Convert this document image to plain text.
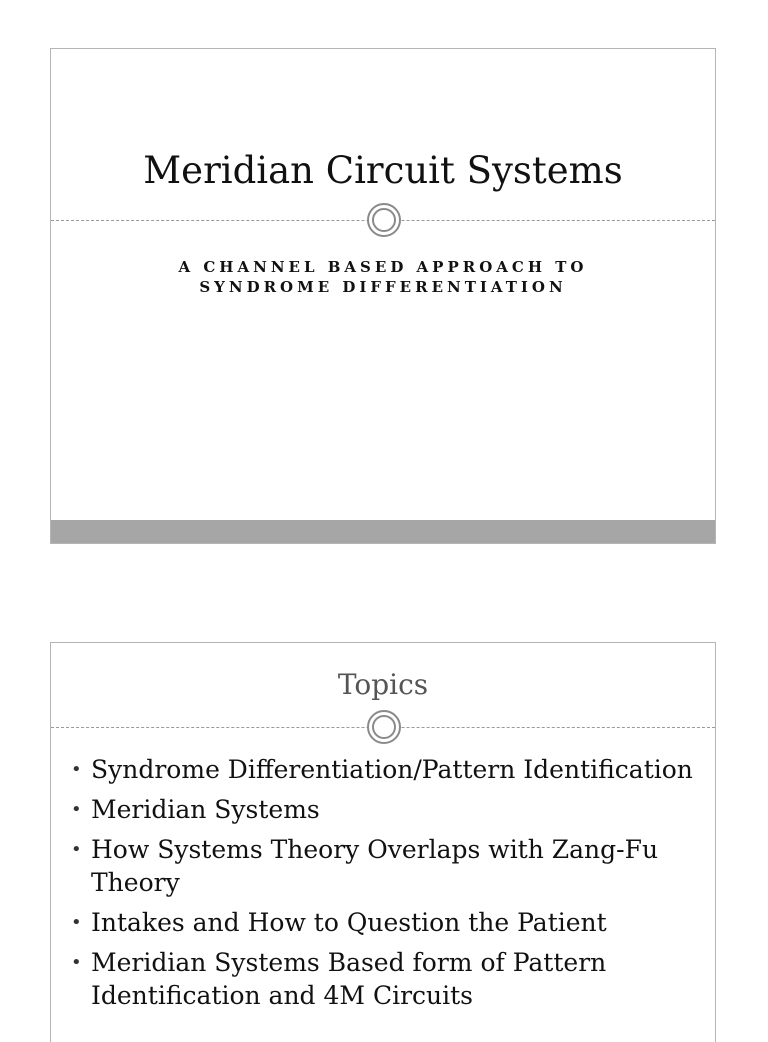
Meridian Circuit Systems
A CHANNEL BASED APPROACH TO
SYNDROME DIFFERENTIATION
Topics
• Syndrome Differentiation/Pattern Identification
• Meridian Systems
• How Systems Theory Overlaps with Zang-Fu Theory
• Intakes and How to Question the Patient
• Meridian Systems Based form of Pattern Identification and 4M Circuits
